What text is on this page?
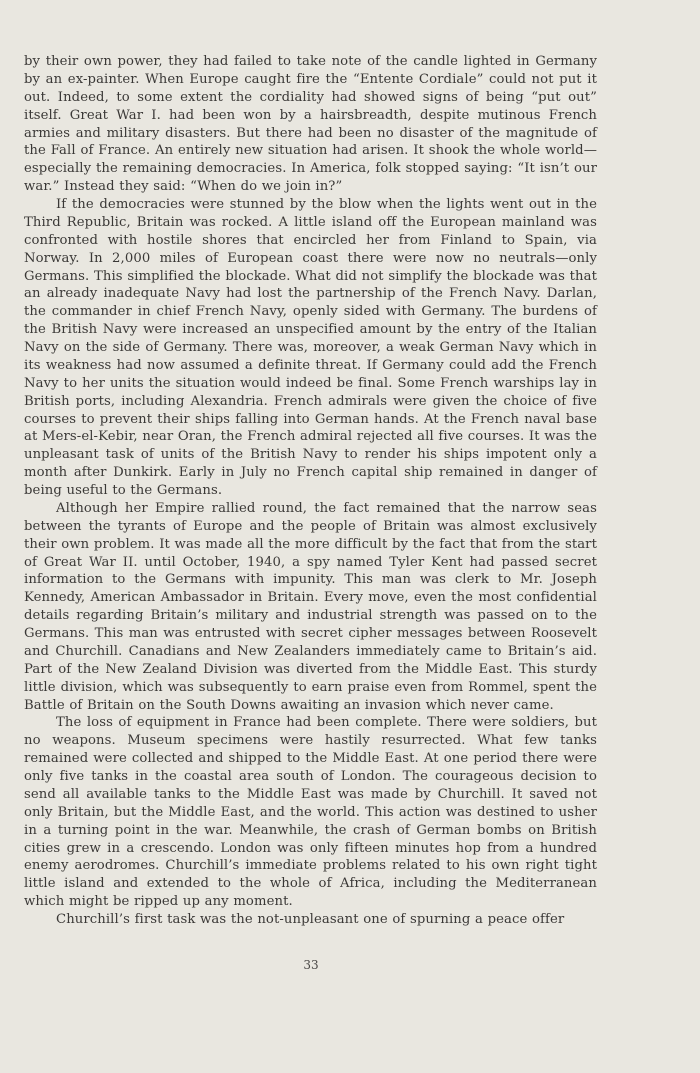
by their own power, they had failed to take note of the candle lighted in Germany by an ex-painter. When Europe caught fire the “Entente Cordiale” could not put it out. Indeed, to some extent the cordiality had showed signs of being “put out” itself. Great War I. had been won by a hairsbreadth, despite mutinous French armies and military disasters. But there had been no disaster of the magnitude of the Fall of France. An entirely new situation had arisen. It shook the whole world—especially the remaining democracies. In America, folk stopped saying: “It isn’t our war.” Instead they said: “When do we join in?”

If the democracies were stunned by the blow when the lights went out in the Third Republic, Britain was rocked. A little island off the European mainland was confronted with hostile shores that encircled her from Finland to Spain, via Norway. In 2,000 miles of European coast there were now no neutrals—only Germans. This simplified the blockade. What did not simplify the blockade was that an already inadequate Navy had lost the partnership of the French Navy. Darlan, the commander in chief French Navy, openly sided with Germany. The burdens of the British Navy were increased an unspecified amount by the entry of the Italian Navy on the side of Germany. There was, moreover, a weak German Navy which in its weakness had now assumed a definite threat. If Germany could add the French Navy to her units the situation would indeed be final. Some French warships lay in British ports, including Alexandria. French admirals were given the choice of five courses to prevent their ships falling into German hands. At the French naval base at Mers-el-Kebir, near Oran, the French admiral rejected all five courses. It was the unpleasant task of units of the British Navy to render his ships impotent only a month after Dunkirk. Early in July no French capital ship remained in danger of being useful to the Germans.

Although her Empire rallied round, the fact remained that the narrow seas between the tyrants of Europe and the people of Britain was almost exclusively their own problem. It was made all the more difficult by the fact that from the start of Great War II. until October, 1940, a spy named Tyler Kent had passed secret information to the Germans with impunity. This man was clerk to Mr. Joseph Kennedy, American Ambassador in Britain. Every move, even the most confidential details regarding Britain’s military and industrial strength was passed on to the Germans. This man was entrusted with secret cipher messages between Roosevelt and Churchill. Canadians and New Zealanders immediately came to Britain’s aid. Part of the New Zealand Division was diverted from the Middle East. This sturdy little division, which was subsequently to earn praise even from Rommel, spent the Battle of Britain on the South Downs awaiting an invasion which never came.

The loss of equipment in France had been complete. There were soldiers, but no weapons. Museum specimens were hastily resurrected. What few tanks remained were collected and shipped to the Middle East. At one period there were only five tanks in the coastal area south of London. The courageous decision to send all available tanks to the Middle East was made by Churchill. It saved not only Britain, but the Middle East, and the world. This action was destined to usher in a turning point in the war. Meanwhile, the crash of German bombs on British cities grew in a crescendo. London was only fifteen minutes hop from a hundred enemy aerodromes. Churchill’s immediate problems related to his own right tight little island and extended to the whole of Africa, including the Mediterranean which might be ripped up any moment.

Churchill’s first task was the not-unpleasant one of spurning a peace offer

33
